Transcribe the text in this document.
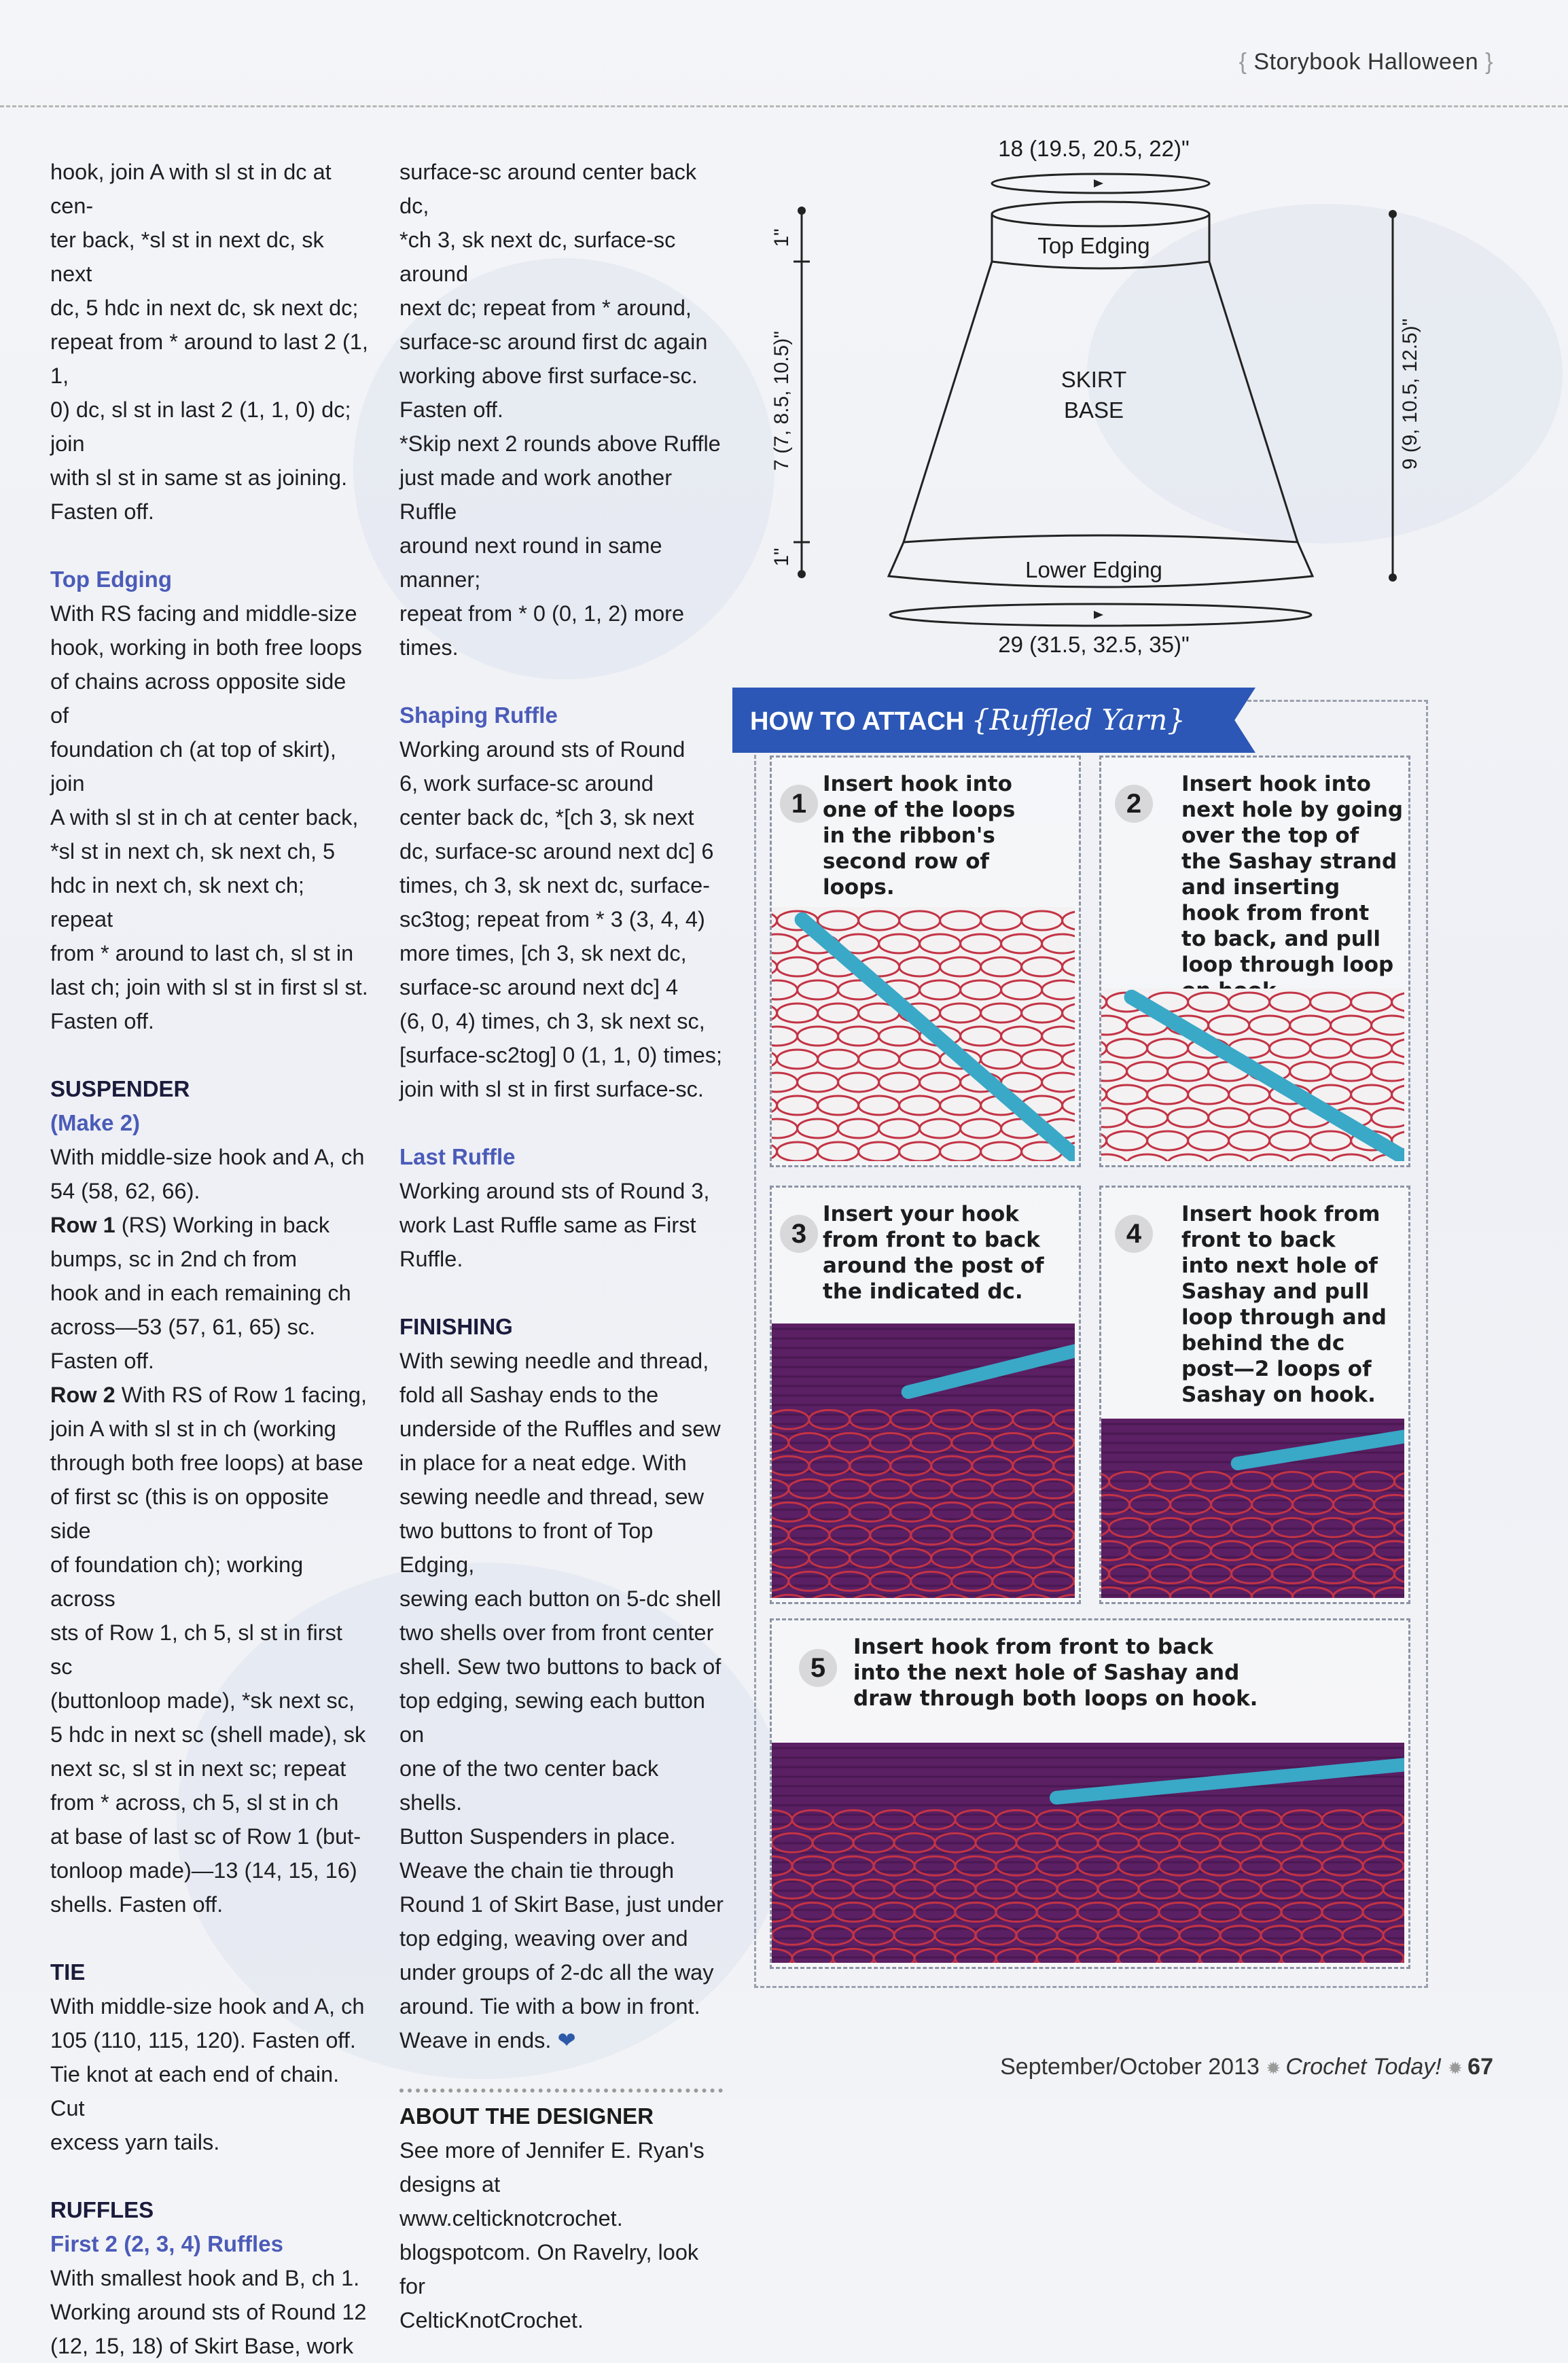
{ Storybook Halloween }

hook, join A with sl st in dc at cen-

ter back, *sl st in next dc, sk next

dc, 5 hdc in next dc, sk next dc;

repeat from * around to last 2 (1, 1,

0) dc, sl st in last 2 (1, 1, 0) dc; join

with sl st in same st as joining.

Fasten off.

Top Edging

With RS facing and middle-size

hook, working in both free loops

of chains across opposite side of

foundation ch (at top of skirt), join

A with sl st in ch at center back,

*sl st in next ch, sk next ch, 5

hdc in next ch, sk next ch; repeat

from * around to last ch, sl st in

last ch; join with sl st in first sl st.

Fasten off.

SUSPENDER

(Make 2)

With middle-size hook and A, ch

54 (58, 62, 66).

Row 1 (RS) Working in back

bumps, sc in 2nd ch from

hook and in each remaining ch

across—53 (57, 61, 65) sc.

Fasten off.

Row 2 With RS of Row 1 facing,

join A with sl st in ch (working

through both free loops) at base

of first sc (this is on opposite side

of foundation ch); working across

sts of Row 1, ch 5, sl st in first sc

(buttonloop made), *sk next sc,

5 hdc in next sc (shell made), sk

next sc, sl st in next sc; repeat

from * across, ch 5, sl st in ch

at base of last sc of Row 1 (but-

tonloop made)—13 (14, 15, 16)

shells. Fasten off.

TIE

With middle-size hook and A, ch

105 (110, 115, 120). Fasten off.

Tie knot at each end of chain. Cut

excess yarn tails.

RUFFLES

First 2 (2, 3, 4) Ruffles

With smallest hook and B, ch 1.

Working around sts of Round 12

(12, 15, 18) of Skirt Base, work

surface-sc around center back dc,

*ch 3, sk next dc, surface-sc around

next dc; repeat from * around,

surface-sc around first dc again

working above first surface-sc.

Fasten off.

*Skip next 2 rounds above Ruffle

just made and work another Ruffle

around next round in same manner;

repeat from * 0 (0, 1, 2) more times.

Shaping Ruffle

Working around sts of Round

6, work surface-sc around

center back dc, *[ch 3, sk next

dc, surface-sc around next dc] 6

times, ch 3, sk next dc, surface-

sc3tog; repeat from * 3 (3, 4, 4)

more times, [ch 3, sk next dc,

surface-sc around next dc] 4

(6, 0, 4) times, ch 3, sk next sc,

[surface-sc2tog] 0 (1, 1, 0) times;

join with sl st in first surface-sc.

Last Ruffle

Working around sts of Round 3,

work Last Ruffle same as First

Ruffle.

FINISHING

With sewing needle and thread,

fold all Sashay ends to the

underside of the Ruffles and sew

in place for a neat edge. With

sewing needle and thread, sew

two buttons to front of Top Edging,

sewing each button on 5-dc shell

two shells over from front center

shell. Sew two buttons to back of

top edging, sewing each button on

one of the two center back shells.

Button Suspenders in place.

Weave the chain tie through

Round 1 of Skirt Base, just under

top edging, weaving over and

under groups of 2-dc all the way

around. Tie with a bow in front.

Weave in ends. ❤

ABOUT THE DESIGNER

See more of Jennifer E. Ryan's

designs at www.celticknotcrochet.

blogspotcom. On Ravelry, look for

CelticKnotCrochet.

18 (19.5, 20.5, 22)"
Top Edging
SKIRT
BASE
Lower Edging
29 (31.5, 32.5, 35)"
1"
7 (7, 8.5, 10.5)"
1"
9 (9, 10.5, 12.5)"
HOW TO ATTACH {Ruffled Yarn}
1
Insert hook into
one of the loops
in the ribbon's
second row of
loops.
2
Insert hook into
next hole by going
over the top of
the Sashay strand
and inserting
hook from front
to back, and pull
loop through loop
3
Insert your hook
from front to back
around the post of
the indicated dc.
4
Insert hook from
front to back
into next hole of
Sashay and pull
loop through and
behind the dc
post—2 loops of
Sashay on hook.
5
Insert hook from front to back
into the next hole of Sashay and
draw through both loops on hook.
September/October 2013 ✹ Crochet Today! ✹ 67
